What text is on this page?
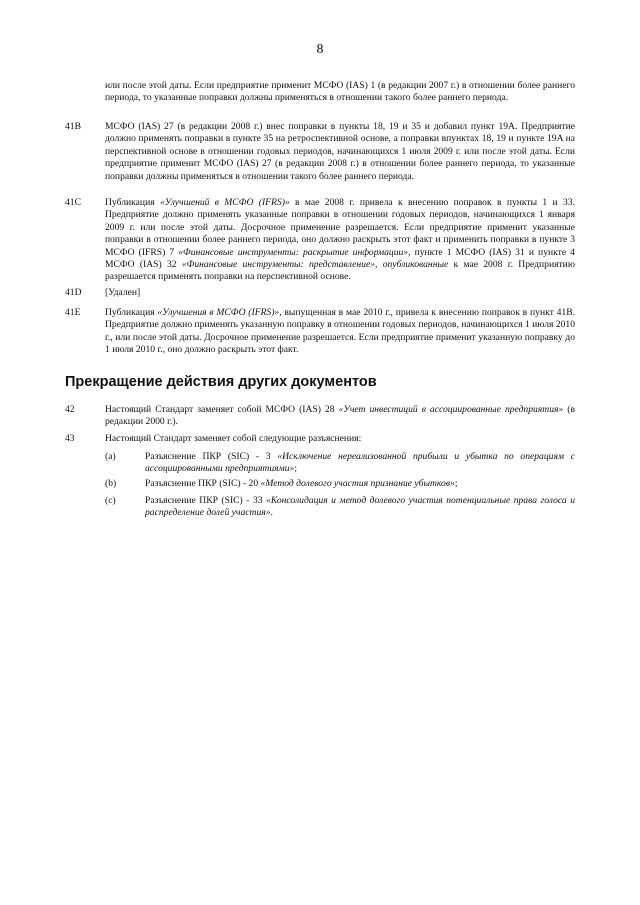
8
или после этой даты. Если предприятие применит МСФО (IAS) 1 (в редакции 2007 г.) в отношении более раннего периода, то указанные поправки должны применяться в отношении такого более раннего периода.
41B	МСФО (IAS) 27 (в редакции 2008 г.) внес поправки в пункты 18, 19 и 35 и добавил пункт 19A. Предприятие должно применять поправки в пункте 35 на ретроспективной основе, а поправки впунктах 18, 19 и пункте 19A на перспективной основе в отношении годовых периодов, начинающихся 1 июля 2009 г. или после этой даты. Если предприятие применит МСФО (IAS) 27 (в редакции 2008 г.) в отношении более раннего периода, то указанные поправки должны применяться в отношении такого более раннего периода.
41C	Публикация «Улучшений в МСФО (IFRS)» в мае 2008 г. привела к внесению поправок в пункты 1 и 33. Предприятие должно применять указанные поправки в отношении годовых периодов, начинающихся 1 января 2009 г. или после этой даты. Досрочное применение разрешается. Если предприятие применит указанные поправки в отношении более раннего периода, оно должно раскрыть этот факт и применить поправки в пункте 3 МСФО (IFRS) 7 «Финансовые инструменты: раскрытие информации», пункте 1 МСФО (IAS) 31 и пункте 4 МСФО (IAS) 32 «Финансовые инструменты: представление», опубликованные к мае 2008 г. Предприятию разрешается применять поправки на перспективной основе.
41D	[Удален]
41E	Публикация «Улучшения в МСФО (IFRS)», выпущенная в мае 2010 г., привела к внесению поправок в пункт 41B. Предприятие должно применять указанную поправку в отношении годовых периодов, начинающихся 1 июля 2010 г., или после этой даты. Досрочное применение разрешается. Если предприятие применит указанную поправку до 1 июля 2010 г., оно должно раскрыть этот факт.
Прекращение действия других документов
42	Настоящий Стандарт заменяет собой МСФО (IAS) 28 «Учет инвестиций в ассоциированные предприятия» (в редакции 2000 г.).
43	Настоящий Стандарт заменяет собой следующие разъяснения:
(a)	Разъяснение ПКР (SIC) - 3 «Исключение нереализованной прибыли и убытка по операциям с ассоциированными предприятиями»;
(b)	Разъяснение ПКР (SIC) - 20 «Метод долевого участия признание убытков»;
(c)	Разъяснение ПКР (SIC) - 33 «Консолидация и метод долевого участия потенциальные права голоса и распределение долей участия».
